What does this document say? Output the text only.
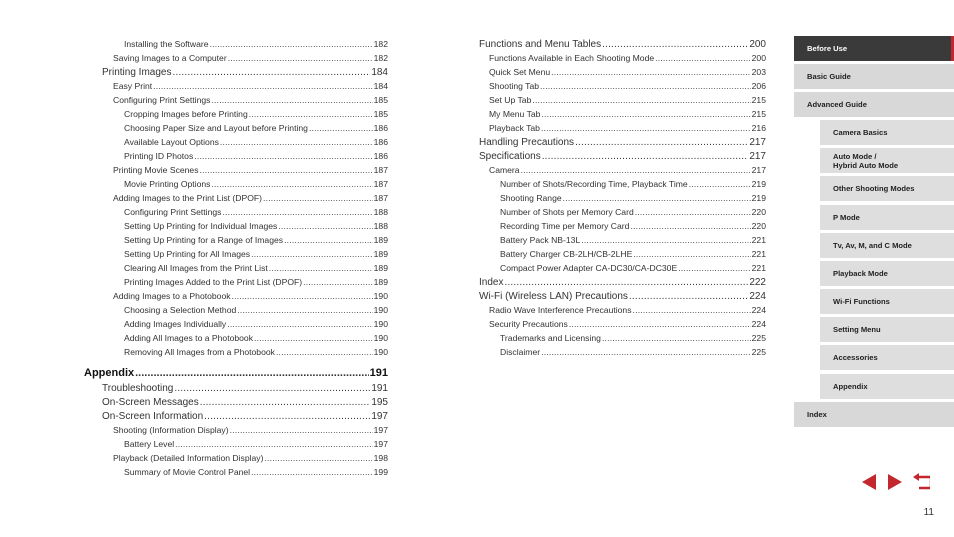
Installing the Software .....	182
Saving Images to a Computer .....	182
Printing Images .....	184
Easy Print .....	184
Configuring Print Settings .....	185
Cropping Images before Printing .....	185
Choosing Paper Size and Layout before Printing .....	186
Available Layout Options .....	186
Printing ID Photos .....	186
Printing Movie Scenes .....	187
Movie Printing Options .....	187
Adding Images to the Print List (DPOF) .....	187
Configuring Print Settings .....	188
Setting Up Printing for Individual Images .....	188
Setting Up Printing for a Range of Images .....	189
Setting Up Printing for All Images .....	189
Clearing All Images from the Print List .....	189
Printing Images Added to the Print List (DPOF) .....	189
Adding Images to a Photobook .....	190
Choosing a Selection Method .....	190
Adding Images Individually .....	190
Adding All Images to a Photobook .....	190
Removing All Images from a Photobook .....	190
Appendix .....	191
Troubleshooting .....	191
On-Screen Messages .....	195
On-Screen Information .....	197
Shooting (Information Display) .....	197
Battery Level .....	197
Playback (Detailed Information Display) .....	198
Summary of Movie Control Panel .....	199
Functions and Menu Tables .....	200
Functions Available in Each Shooting Mode .....	200
Quick Set Menu .....	203
Shooting Tab .....	206
Set Up Tab .....	215
My Menu Tab .....	215
Playback Tab .....	216
Handling Precautions .....	217
Specifications .....	217
Camera .....	217
Number of Shots/Recording Time, Playback Time .....	219
Shooting Range .....	219
Number of Shots per Memory Card .....	220
Recording Time per Memory Card .....	220
Battery Pack NB-13L .....	221
Battery Charger CB-2LH/CB-2LHE .....	221
Compact Power Adapter CA-DC30/CA-DC30E .....	221
Index .....	222
Wi-Fi (Wireless LAN) Precautions .....	224
Radio Wave Interference Precautions .....	224
Security Precautions .....	224
Trademarks and Licensing .....	225
Disclaimer .....	225
Before Use
Basic Guide
Advanced Guide
Camera Basics
Auto Mode /
Hybrid Auto Mode
Other Shooting Modes
P Mode
Tv, Av, M, and C Mode
Playback Mode
Wi-Fi Functions
Setting Menu
Accessories
Appendix
Index
11
